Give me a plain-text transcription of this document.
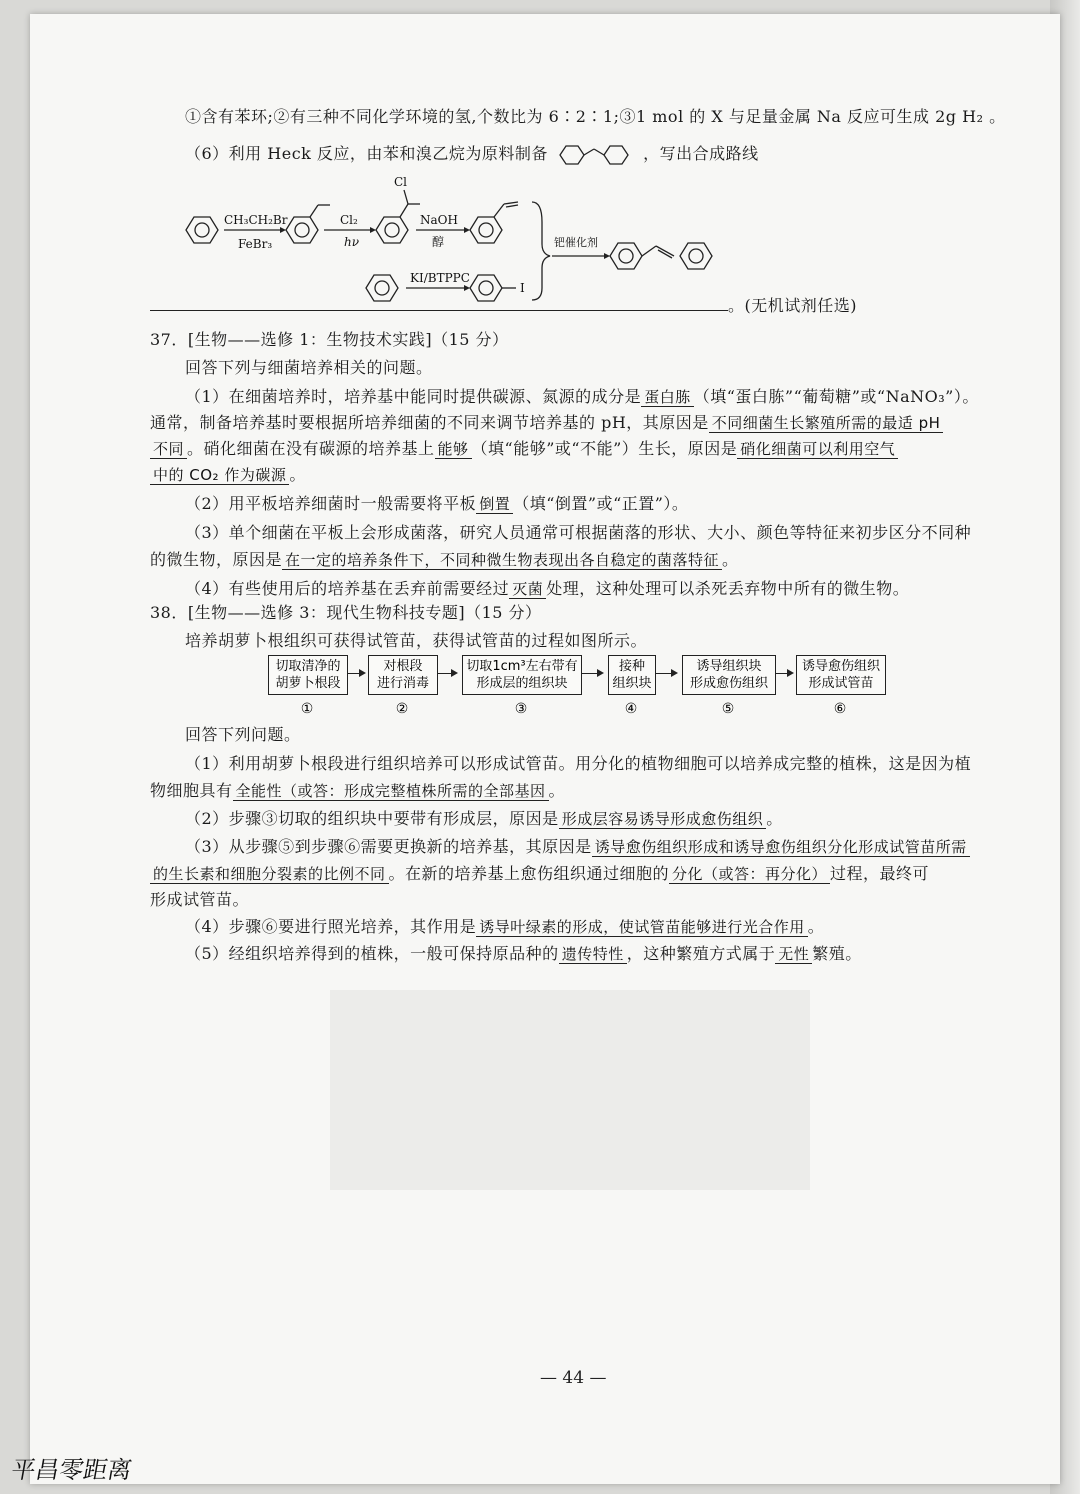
①含有苯环;②有三种不同化学环境的氢,个数比为 6∶2∶1;③1 mol 的 X 与足量金属 Na 反应可生成 2g H₂ 。
（6）利用 Heck 反应，由苯和溴乙烷为原料制备	，写出合成路线
CH₃CH₂Br
FeBr₃
Cl₂
hν
NaOH
醇
Cl
KI/BTPPC
I
钯催化剂
。(无机试剂任选)
37．[生物——选修 1：生物技术实践]（15 分）
回答下列与细菌培养相关的问题。
（1）在细菌培养时，培养基中能同时提供碳源、氮源的成分是 蛋白胨 （填“蛋白胨”“葡萄糖”或“NaNO₃”）。
通常，制备培养基时要根据所培养细菌的不同来调节培养基的 pH，其原因是 不同细菌生长繁殖所需的最适 pH
不同 。硝化细菌在没有碳源的培养基上 能够 （填“能够”或“不能”）生长，原因是 硝化细菌可以利用空气
中的 CO₂ 作为碳源 。
（2）用平板培养细菌时一般需要将平板 倒置 （填“倒置”或“正置”）。
（3）单个细菌在平板上会形成菌落，研究人员通常可根据菌落的形状、大小、颜色等特征来初步区分不同种
的微生物，原因是 在一定的培养条件下，不同种微生物表现出各自稳定的菌落特征 。
（4）有些使用后的培养基在丢弃前需要经过 灭菌 处理，这种处理可以杀死丢弃物中所有的微生物。
38．[生物——选修 3：现代生物科技专题]（15 分）
培养胡萝卜根组织可获得试管苗，获得试管苗的过程如图所示。
切取清净的
胡萝卜根段
对根段
进行消毒
切取1cm³左右带有
形成层的组织块
接种
组织块
诱导组织块
形成愈伤组织
诱导愈伤组织
形成试管苗
①	②	③	④	⑤	⑥
回答下列问题。
（1）利用胡萝卜根段进行组织培养可以形成试管苗。用分化的植物细胞可以培养成完整的植株，这是因为植
物细胞具有 全能性（或答：形成完整植株所需的全部基因 。
（2）步骤③切取的组织块中要带有形成层，原因是 形成层容易诱导形成愈伤组织 。
（3）从步骤⑤到步骤⑥需要更换新的培养基，其原因是 诱导愈伤组织形成和诱导愈伤组织分化形成试管苗所需
的生长素和细胞分裂素的比例不同 。在新的培养基上愈伤组织通过细胞的 分化（或答：再分化） 过程，最终可
形成试管苗。
（4）步骤⑥要进行照光培养，其作用是 诱导叶绿素的形成，使试管苗能够进行光合作用 。
（5）经组织培养得到的植株，一般可保持原品种的 遗传特性 ，这种繁殖方式属于 无性 繁殖。
— 44 —
平昌零距离
